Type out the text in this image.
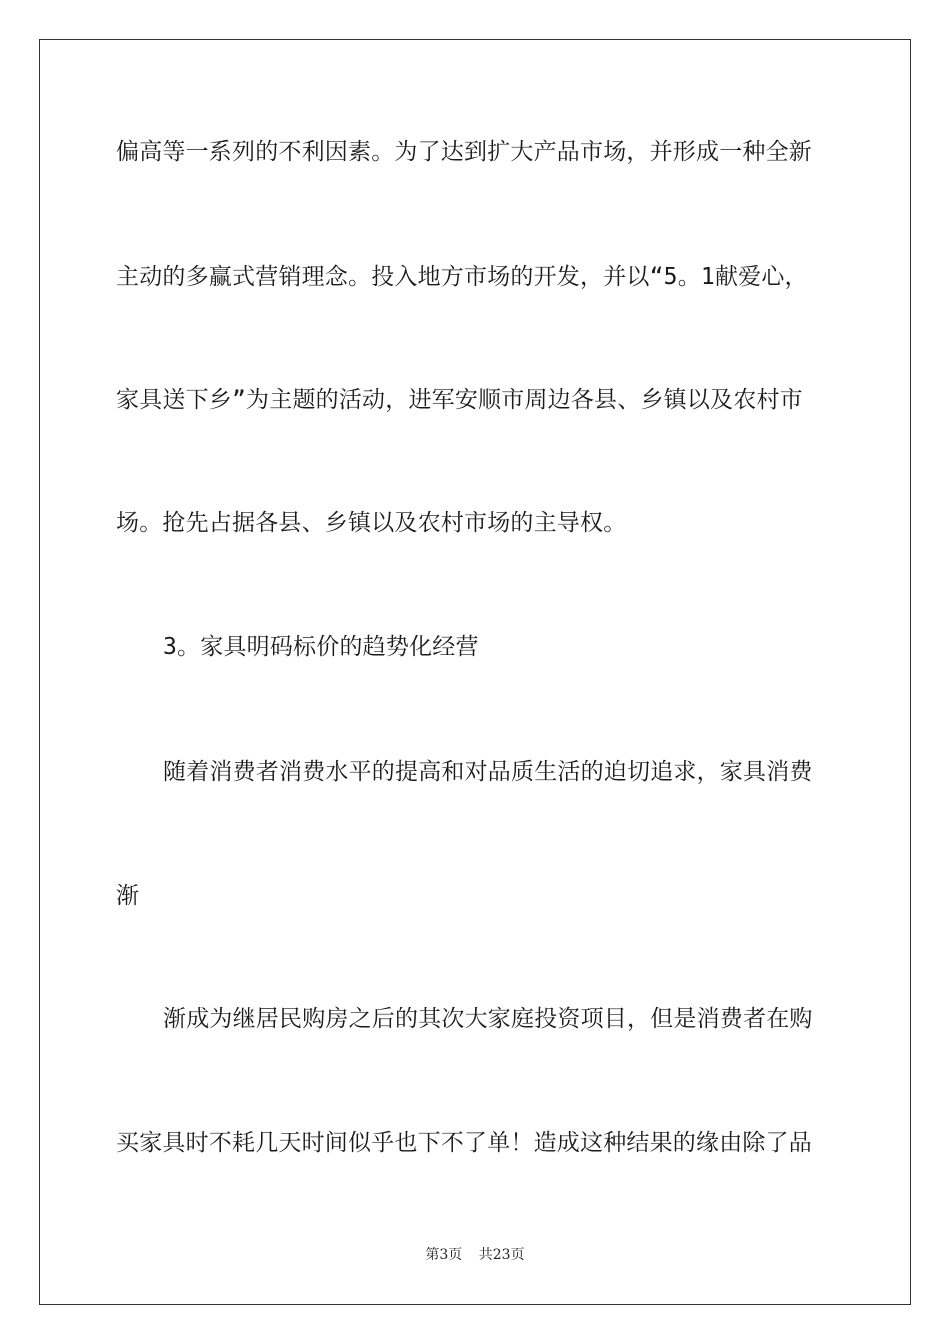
偏高等一系列的不利因素。为了达到扩大产品市场，并形成一种全新
主动的多赢式营销理念。投入地方市场的开发，并以“5。1献爱心，
家具送下乡”为主题的活动，进军安顺市周边各县、乡镇以及农村市
场。抢先占据各县、乡镇以及农村市场的主导权。
3。家具明码标价的趋势化经营
随着消费者消费水平的提高和对品质生活的迫切追求，家具消费
渐
渐成为继居民购房之后的其次大家庭投资项目，但是消费者在购
买家具时不耗几天时间似乎也下不了单！造成这种结果的缘由除了品
第3页 共23页
